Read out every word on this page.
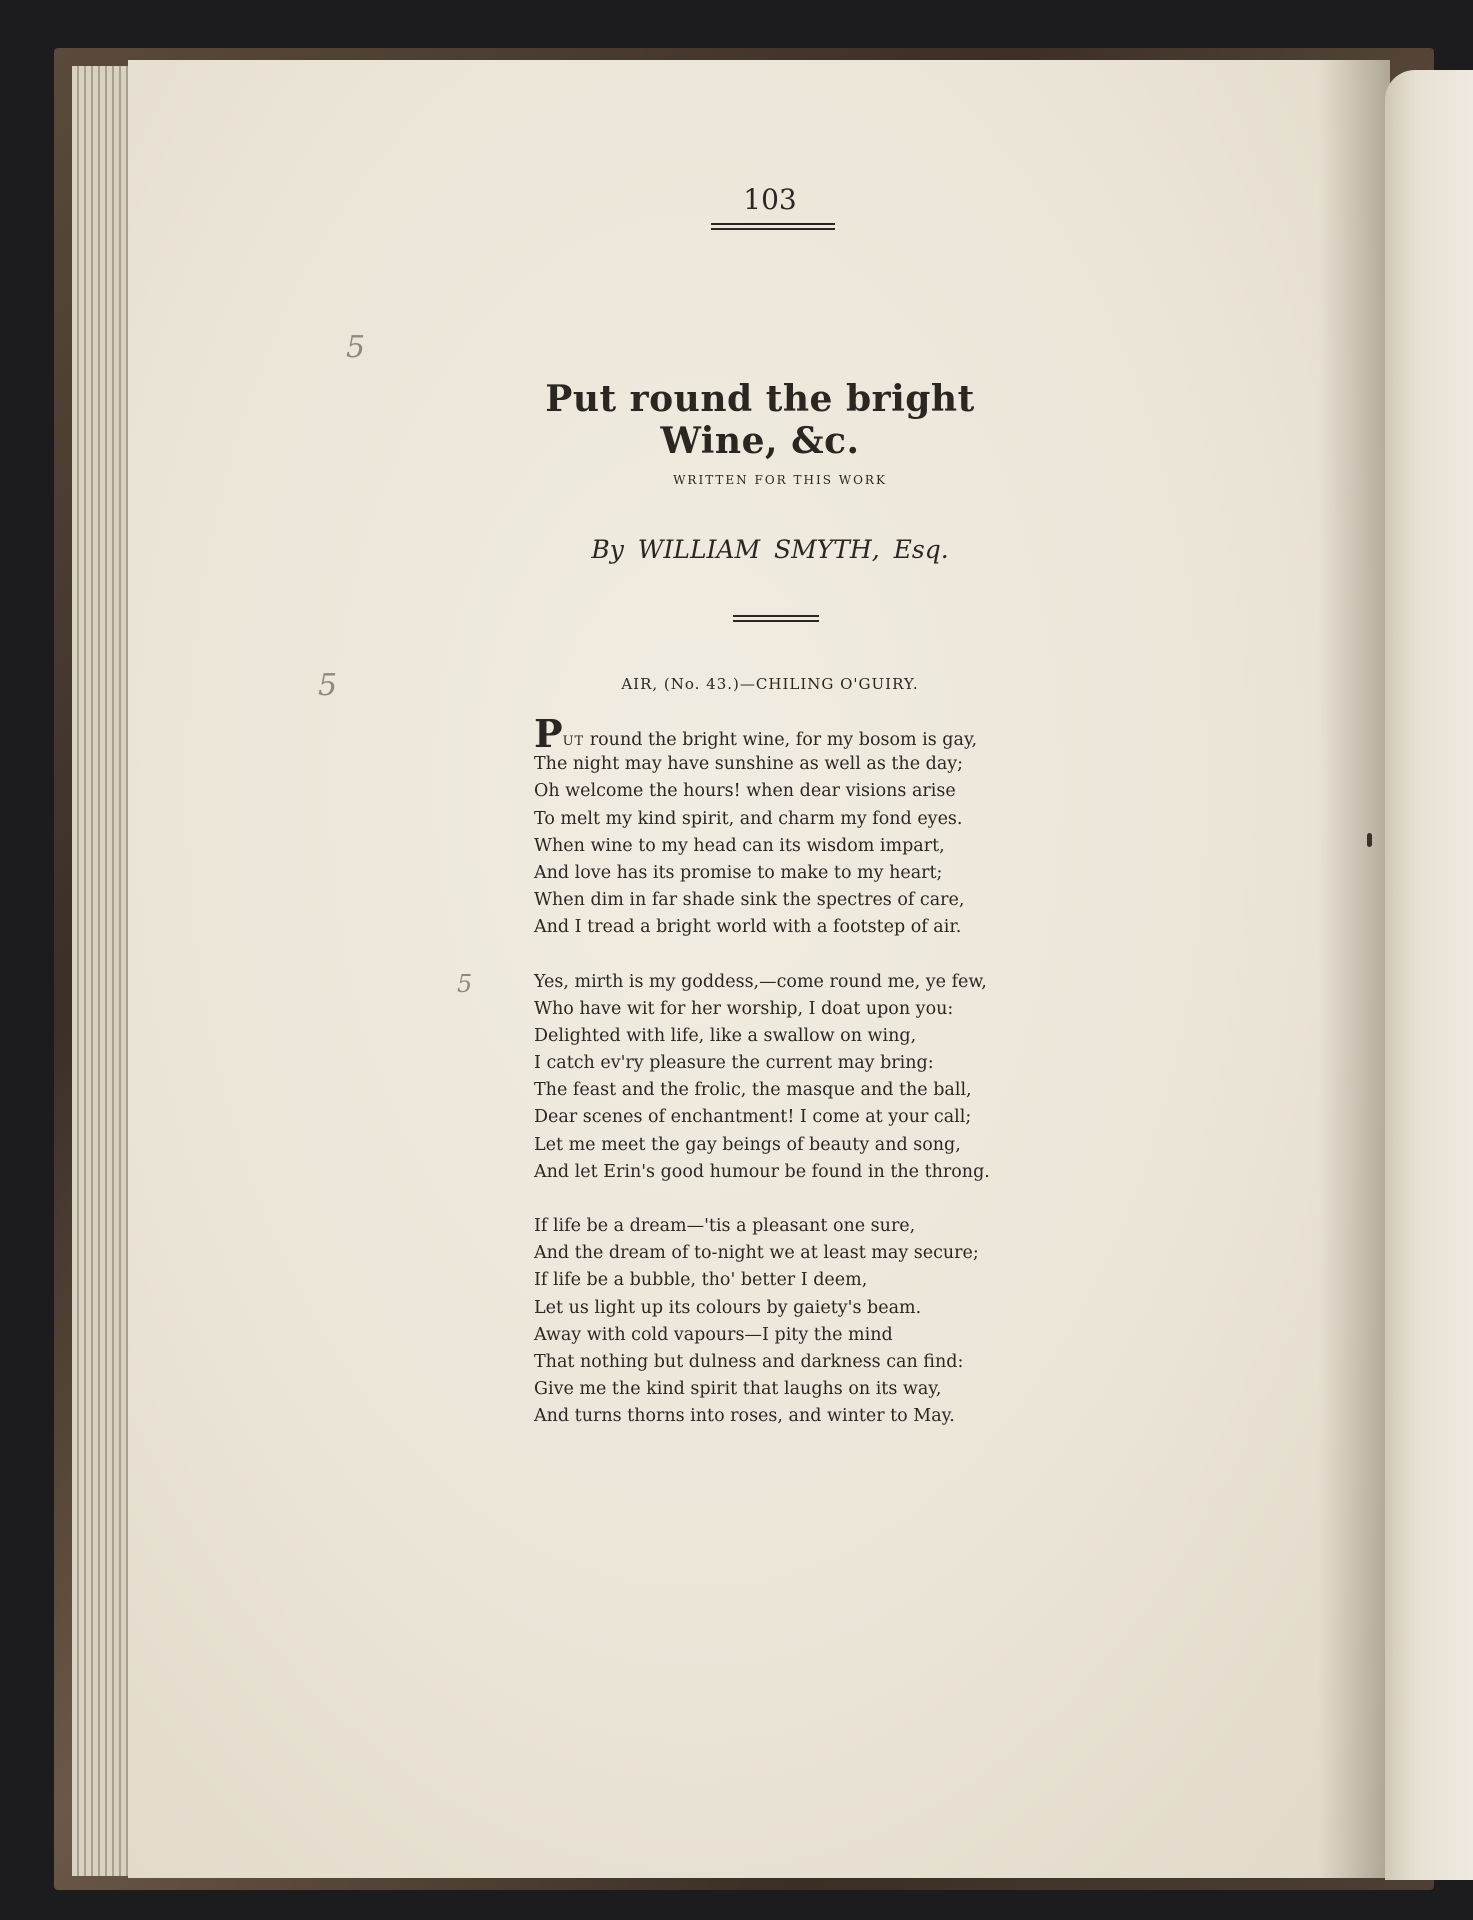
103
Put round the bright Wine, &c.
WRITTEN FOR THIS WORK
By WILLIAM SMYTH, Esq.
AIR, (No. 43.)—CHILING O'GUIRY.
PUT round the bright wine, for my bosom is gay,
The night may have sunshine as well as the day;
Oh welcome the hours! when dear visions arise
To melt my kind spirit, and charm my fond eyes.
When wine to my head can its wisdom impart,
And love has its promise to make to my heart;
When dim in far shade sink the spectres of care,
And I tread a bright world with a footstep of air.
Yes, mirth is my goddess,—come round me, ye few,
Who have wit for her worship, I doat upon you:
Delighted with life, like a swallow on wing,
I catch ev'ry pleasure the current may bring:
The feast and the frolic, the masque and the ball,
Dear scenes of enchantment! I come at your call;
Let me meet the gay beings of beauty and song,
And let Erin's good humour be found in the throng.
If life be a dream—'tis a pleasant one sure,
And the dream of to-night we at least may secure;
If life be a bubble, tho' better I deem,
Let us light up its colours by gaiety's beam.
Away with cold vapours—I pity the mind
That nothing but dulness and darkness can find:
Give me the kind spirit that laughs on its way,
And turns thorns into roses, and winter to May.
5
5
5
